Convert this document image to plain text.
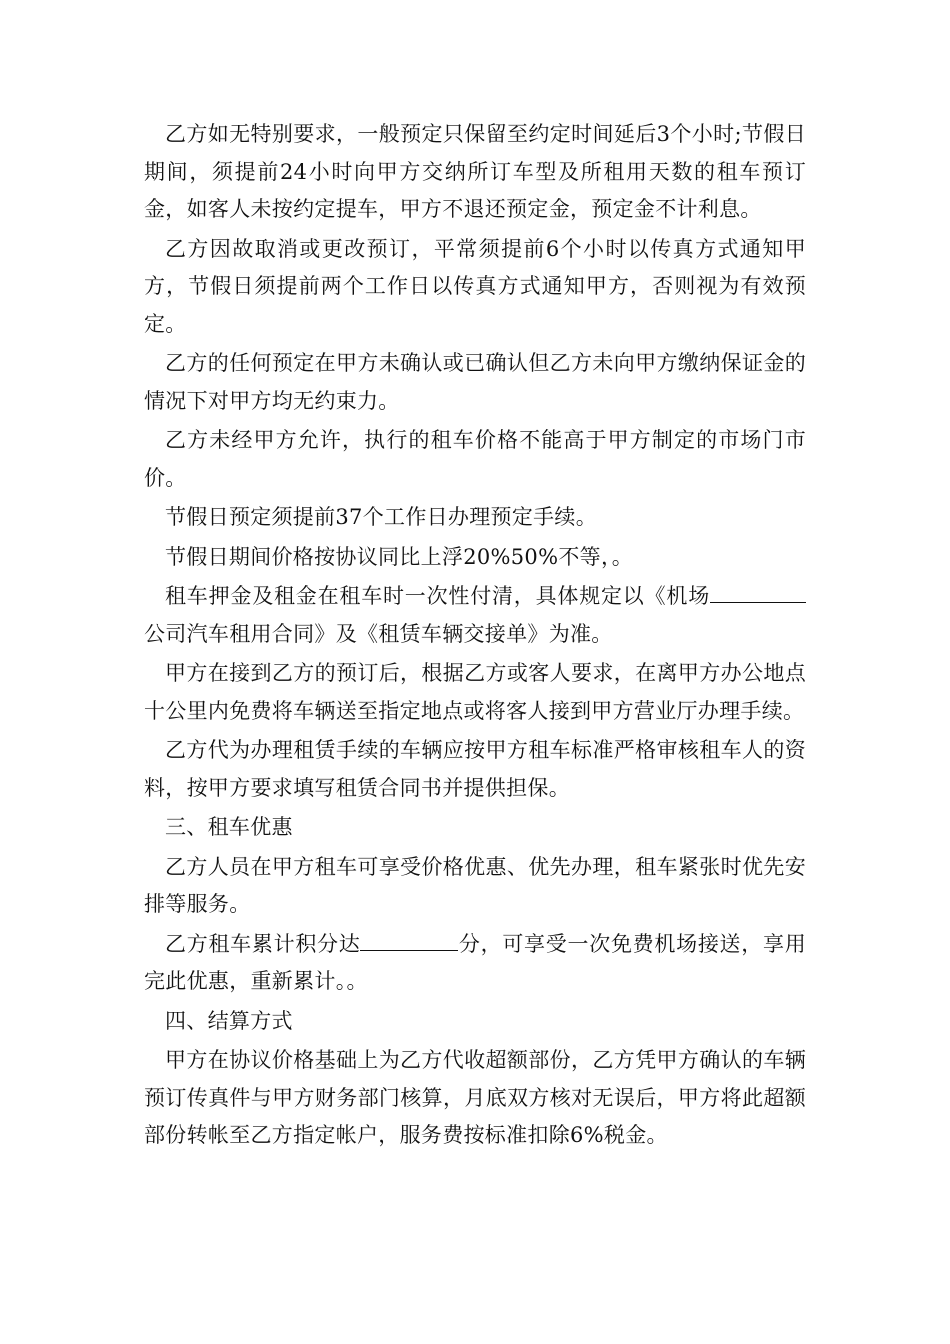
乙方如无特别要求，一般预定只保留至约定时间延后3个小时;节假日期间，须提前24小时向甲方交纳所订车型及所租用天数的租车预订金，如客人未按约定提车，甲方不退还预定金，预定金不计利息。

乙方因故取消或更改预订，平常须提前6个小时以传真方式通知甲方，节假日须提前两个工作日以传真方式通知甲方，否则视为有效预定。

乙方的任何预定在甲方未确认或已确认但乙方未向甲方缴纳保证金的情况下对甲方均无约束力。

乙方未经甲方允许，执行的租车价格不能高于甲方制定的市场门市价。

节假日预定须提前37个工作日办理预定手续。

节假日期间价格按协议同比上浮20%50%不等，。

租车押金及租金在租车时一次性付清，具体规定以《机场公司汽车租用合同》及《租赁车辆交接单》为准。

甲方在接到乙方的预订后，根据乙方或客人要求，在离甲方办公地点十公里内免费将车辆送至指定地点或将客人接到甲方营业厅办理手续。

乙方代为办理租赁手续的车辆应按甲方租车标准严格审核租车人的资料，按甲方要求填写租赁合同书并提供担保。

三、租车优惠

乙方人员在甲方租车可享受价格优惠、优先办理，租车紧张时优先安排等服务。

乙方租车累计积分达	分，可享受一次免费机场接送，享用完此优惠，重新累计。。

四、结算方式

甲方在协议价格基础上为乙方代收超额部份，乙方凭甲方确认的车辆预订传真件与甲方财务部门核算，月底双方核对无误后，甲方将此超额部份转帐至乙方指定帐户，服务费按标准扣除6%税金。
